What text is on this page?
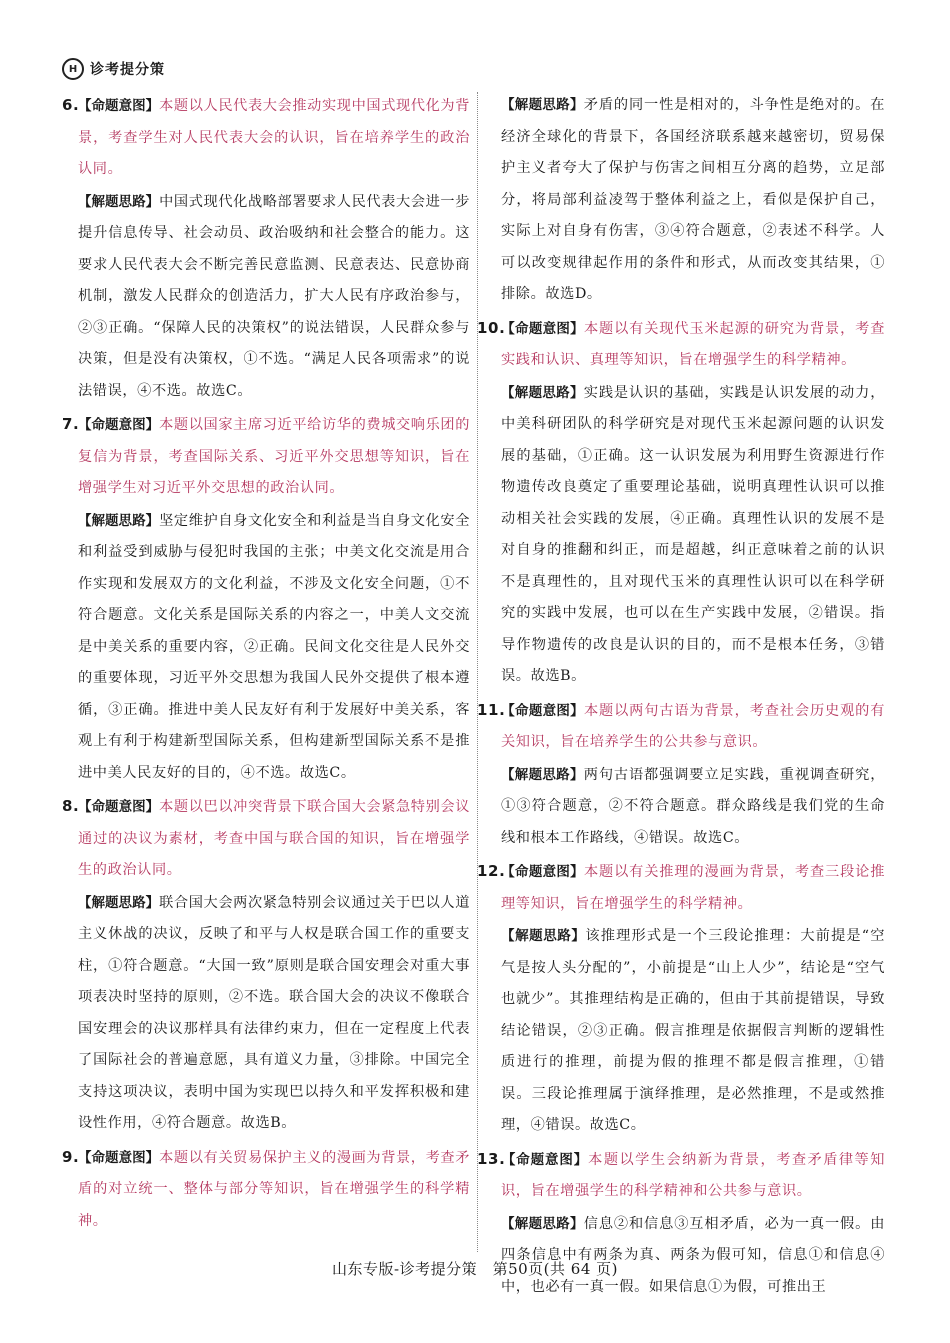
H 诊考提分策

6.【命题意图】本题以人民代表大会推动实现中国式现代化为背景，考查学生对人民代表大会的认识，旨在培养学生的政治认同。

【解题思路】中国式现代化战略部署要求人民代表大会进一步提升信息传导、社会动员、政治吸纳和社会整合的能力。这要求人民代表大会不断完善民意监测、民意表达、民意协商机制，激发人民群众的创造活力，扩大人民有序政治参与，②③正确。“保障人民的决策权”的说法错误，人民群众参与决策，但是没有决策权，①不选。“满足人民各项需求”的说法错误，④不选。故选C。

7.【命题意图】本题以国家主席习近平给访华的费城交响乐团的复信为背景，考查国际关系、习近平外交思想等知识，旨在增强学生对习近平外交思想的政治认同。

【解题思路】坚定维护自身文化安全和利益是当自身文化安全和利益受到威胁与侵犯时我国的主张；中美文化交流是用合作实现和发展双方的文化利益，不涉及文化安全问题，①不符合题意。文化关系是国际关系的内容之一，中美人文交流是中美关系的重要内容，②正确。民间文化交往是人民外交的重要体现，习近平外交思想为我国人民外交提供了根本遵循，③正确。推进中美人民友好有利于发展好中美关系，客观上有利于构建新型国际关系，但构建新型国际关系不是推进中美人民友好的目的，④不选。故选C。

8.【命题意图】本题以巴以冲突背景下联合国大会紧急特别会议通过的决议为素材，考查中国与联合国的知识，旨在增强学生的政治认同。

【解题思路】联合国大会两次紧急特别会议通过关于巴以人道主义休战的决议，反映了和平与人权是联合国工作的重要支柱，①符合题意。“大国一致”原则是联合国安理会对重大事项表决时坚持的原则，②不选。联合国大会的决议不像联合国安理会的决议那样具有法律约束力，但在一定程度上代表了国际社会的普遍意愿，具有道义力量，③排除。中国完全支持这项决议，表明中国为实现巴以持久和平发挥积极和建设性作用，④符合题意。故选B。

9.【命题意图】本题以有关贸易保护主义的漫画为背景，考查矛盾的对立统一、整体与部分等知识，旨在增强学生的科学精神。

【解题思路】矛盾的同一性是相对的，斗争性是绝对的。在经济全球化的背景下，各国经济联系越来越密切，贸易保护主义者夸大了保护与伤害之间相互分离的趋势，立足部分，将局部利益凌驾于整体利益之上，看似是保护自己，实际上对自身有伤害，③④符合题意，②表述不科学。人可以改变规律起作用的条件和形式，从而改变其结果，①排除。故选D。

10.【命题意图】本题以有关现代玉米起源的研究为背景，考查实践和认识、真理等知识，旨在增强学生的科学精神。

【解题思路】实践是认识的基础，实践是认识发展的动力，中美科研团队的科学研究是对现代玉米起源问题的认识发展的基础，①正确。这一认识发展为利用野生资源进行作物遗传改良奠定了重要理论基础，说明真理性认识可以推动相关社会实践的发展，④正确。真理性认识的发展不是对自身的推翻和纠正，而是超越，纠正意味着之前的认识不是真理性的，且对现代玉米的真理性认识可以在科学研究的实践中发展，也可以在生产实践中发展，②错误。指导作物遗传的改良是认识的目的，而不是根本任务，③错误。故选B。

11.【命题意图】本题以两句古语为背景，考查社会历史观的有关知识，旨在培养学生的公共参与意识。

【解题思路】两句古语都强调要立足实践，重视调查研究，①③符合题意，②不符合题意。群众路线是我们党的生命线和根本工作路线，④错误。故选C。

12.【命题意图】本题以有关推理的漫画为背景，考查三段论推理等知识，旨在增强学生的科学精神。

【解题思路】该推理形式是一个三段论推理：大前提是“空气是按人头分配的”，小前提是“山上人少”，结论是“空气也就少”。其推理结构是正确的，但由于其前提错误，导致结论错误，②③正确。假言推理是依据假言判断的逻辑性质进行的推理，前提为假的推理不都是假言推理，①错误。三段论推理属于演绎推理，是必然推理，不是或然推理，④错误。故选C。

13.【命题意图】本题以学生会纳新为背景，考查矛盾律等知识，旨在增强学生的科学精神和公共参与意识。

【解题思路】信息②和信息③互相矛盾，必为一真一假。由四条信息中有两条为真、两条为假可知，信息①和信息④中，也必有一真一假。如果信息①为假，可推出王

山东专版-诊考提分策　第50页(共 64 页)
